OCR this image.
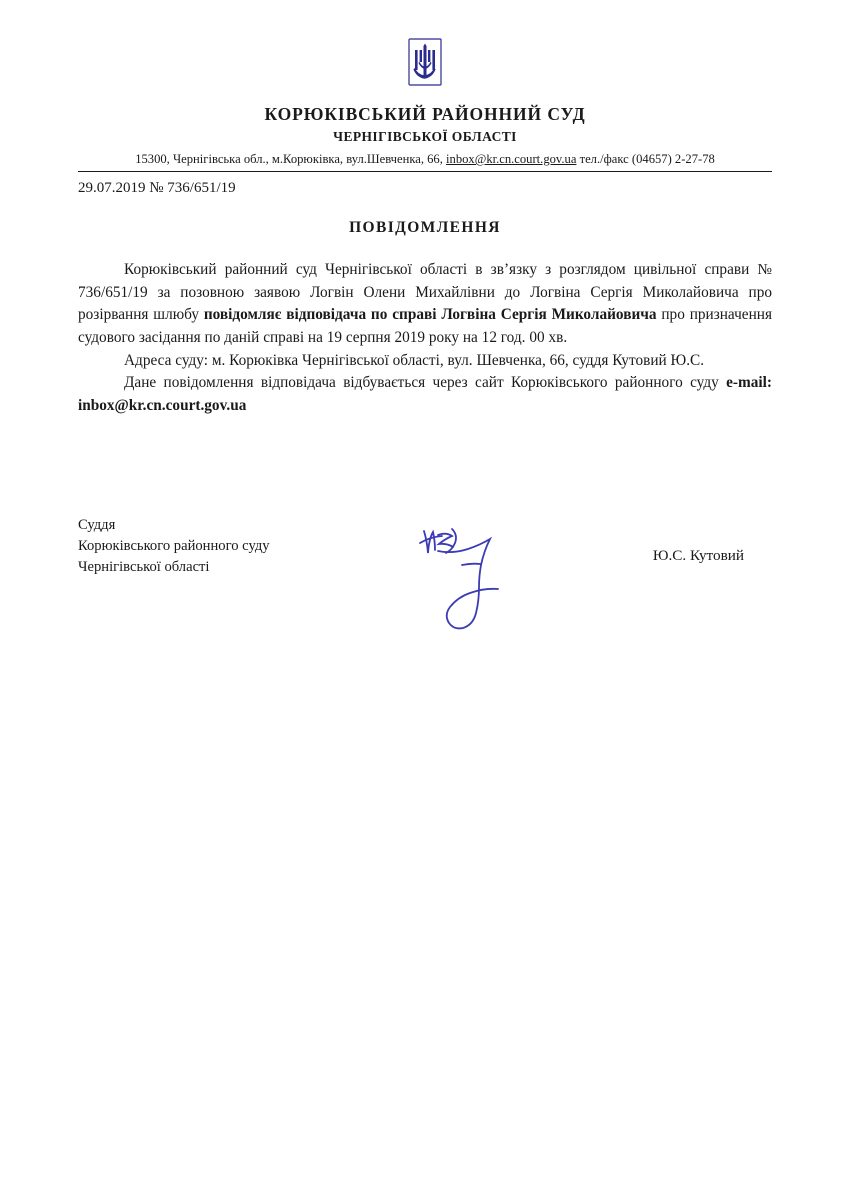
КОРЮКІВСЬКИЙ РАЙОННИЙ СУД
ЧЕРНІГІВСЬКОЇ ОБЛАСТІ
15300, Чернігівська обл., м.Корюківка, вул.Шевченка, 66, inbox@kr.cn.court.gov.ua тел./факс (04657) 2-27-78
29.07.2019 № 736/651/19
ПОВІДОМЛЕННЯ

Корюківський районний суд Чернігівської області в зв’язку з розглядом цивільної справи № 736/651/19 за позовною заявою Логвін Олени Михайлівни до Логвіна Сергія Миколайовича про розірвання шлюбу повідомляє відповідача по справі Логвіна Сергія Миколайовича про призначення судового засідання по даній справі на 19 серпня 2019 року на 12 год. 00 хв.

Адреса суду: м. Корюківка Чернігівської області, вул. Шевченка, 66, суддя Кутовий Ю.С.

Дане повідомлення відповідача відбувається через сайт Корюківського районного суду e-mail: inbox@kr.cn.court.gov.ua

Суддя
Корюківського районного суду
Чернігівської області
Ю.С. Кутовий
